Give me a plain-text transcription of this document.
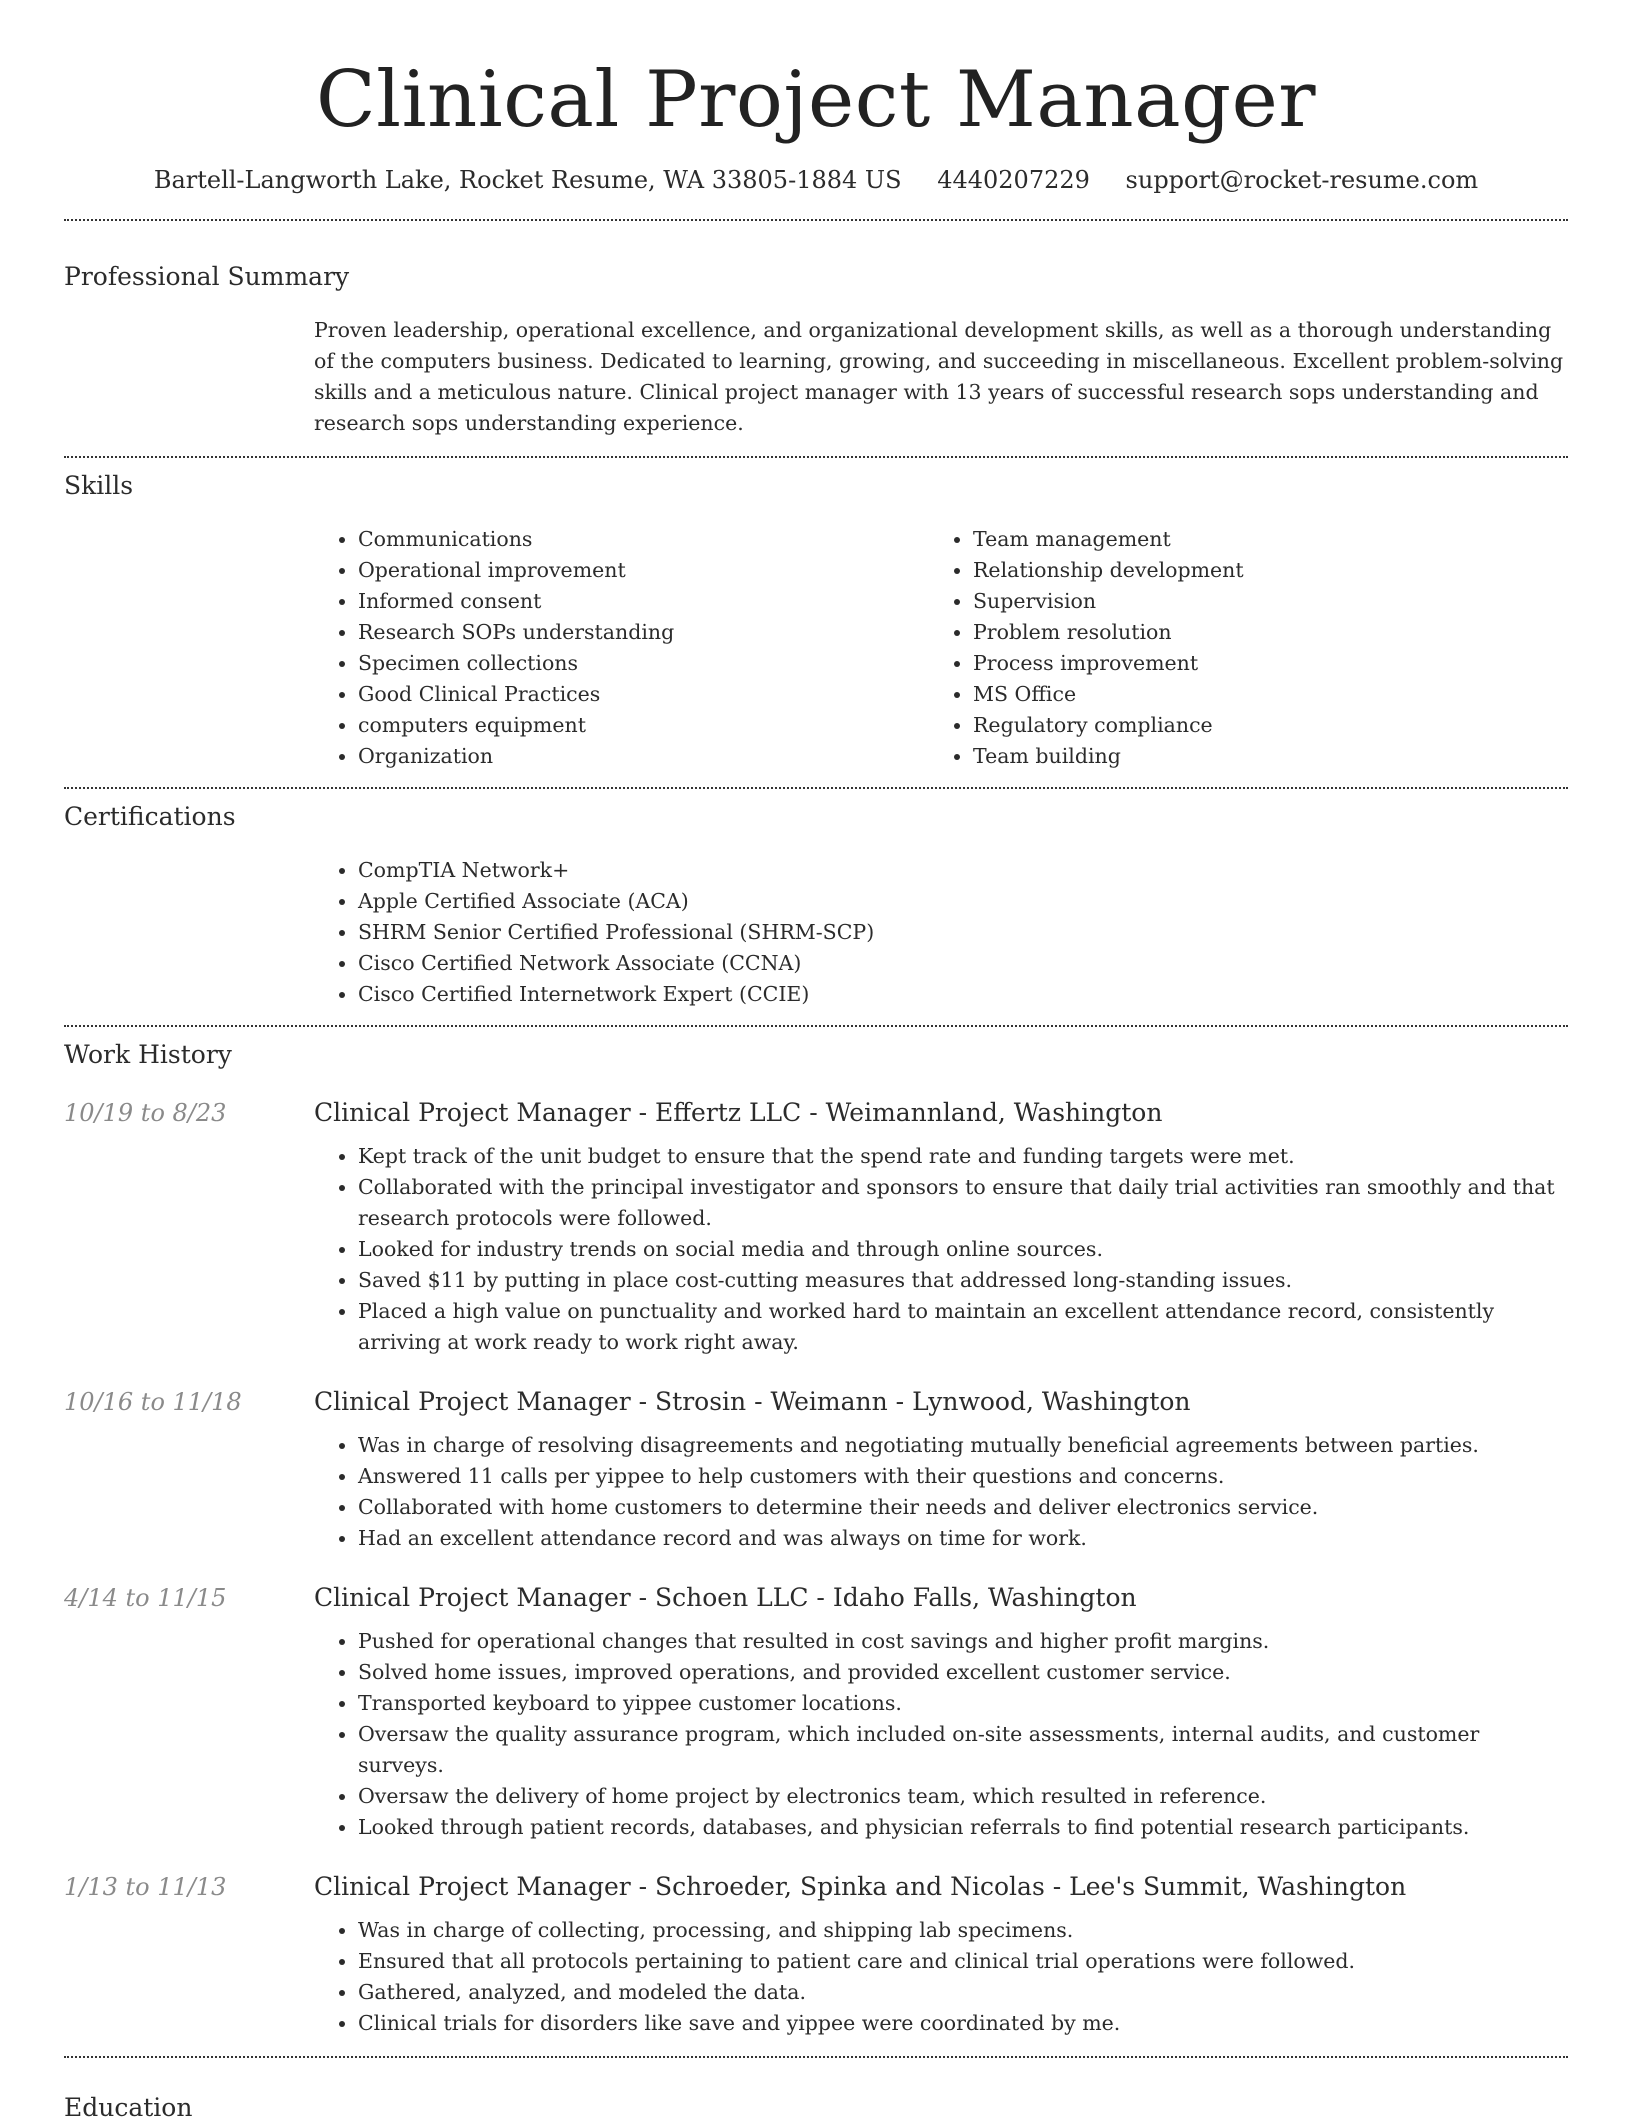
Clinical Project Manager
Bartell-Langworth Lake, Rocket Resume, WA 33805-1884 US 4440207229 support@rocket-resume.com
Professional Summary

Proven leadership, operational excellence, and organizational development skills, as well as a thorough understanding of the computers business. Dedicated to learning, growing, and succeeding in miscellaneous. Excellent problem-solving skills and a meticulous nature. Clinical project manager with 13 years of successful research sops understanding and research sops understanding experience.

Skills
• Communications
• Operational improvement
• Informed consent
• Research SOPs understanding
• Specimen collections
• Good Clinical Practices
• computers equipment
• Organization
• Team management
• Relationship development
• Supervision
• Problem resolution
• Process improvement
• MS Office
• Regulatory compliance
• Team building
Certifications
• CompTIA Network+
• Apple Certified Associate (ACA)
• SHRM Senior Certified Professional (SHRM-SCP)
• Cisco Certified Network Associate (CCNA)
• Cisco Certified Internetwork Expert (CCIE)
Work History
10/19 to 8/23	Clinical Project Manager - Effertz LLC - Weimannland, Washington
• Kept track of the unit budget to ensure that the spend rate and funding targets were met.
• Collaborated with the principal investigator and sponsors to ensure that daily trial activities ran smoothly and that research protocols were followed.
• Looked for industry trends on social media and through online sources.
• Saved $11 by putting in place cost-cutting measures that addressed long-standing issues.
• Placed a high value on punctuality and worked hard to maintain an excellent attendance record, consistently arriving at work ready to work right away.
10/16 to 11/18	Clinical Project Manager - Strosin - Weimann - Lynwood, Washington
• Was in charge of resolving disagreements and negotiating mutually beneficial agreements between parties.
• Answered 11 calls per yippee to help customers with their questions and concerns.
• Collaborated with home customers to determine their needs and deliver electronics service.
• Had an excellent attendance record and was always on time for work.
4/14 to 11/15	Clinical Project Manager - Schoen LLC - Idaho Falls, Washington
• Pushed for operational changes that resulted in cost savings and higher profit margins.
• Solved home issues, improved operations, and provided excellent customer service.
• Transported keyboard to yippee customer locations.
• Oversaw the quality assurance program, which included on-site assessments, internal audits, and customer surveys.
• Oversaw the delivery of home project by electronics team, which resulted in reference.
• Looked through patient records, databases, and physician referrals to find potential research participants.
1/13 to 11/13	Clinical Project Manager - Schroeder, Spinka and Nicolas - Lee's Summit, Washington
• Was in charge of collecting, processing, and shipping lab specimens.
• Ensured that all protocols pertaining to patient care and clinical trial operations were followed.
• Gathered, analyzed, and modeled the data.
• Clinical trials for disorders like save and yippee were coordinated by me.
Education
